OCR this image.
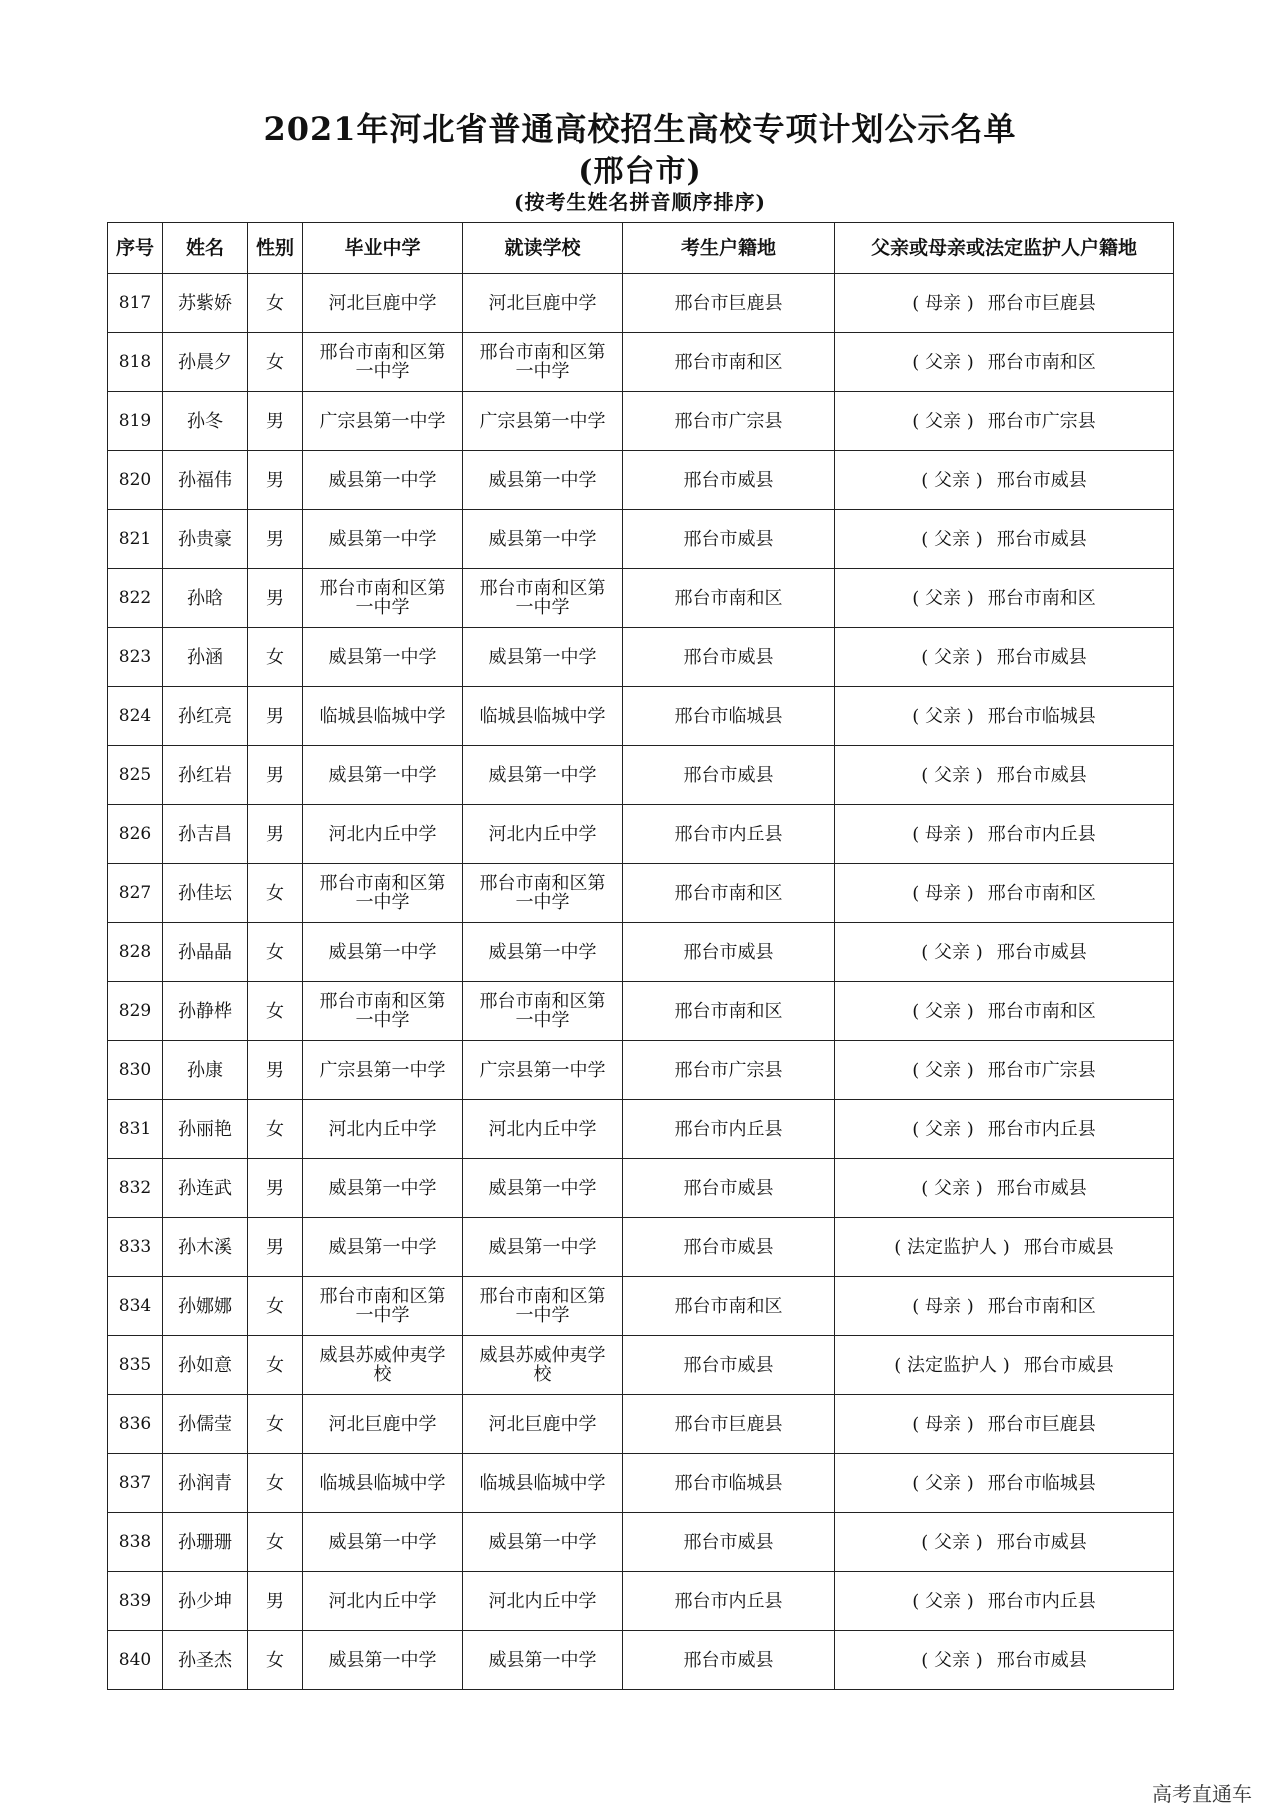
2021年河北省普通高校招生高校专项计划公示名单
(邢台市)
(按考生姓名拼音顺序排序)
序号	姓名	性别	毕业中学	就读学校	考生户籍地	父亲或母亲或法定监护人户籍地
817	苏紫娇	女	河北巨鹿中学	河北巨鹿中学	邢台市巨鹿县	( 母亲 ) 邢台市巨鹿县
818	孙晨夕	女	邢台市南和区第一中学	邢台市南和区第一中学	邢台市南和区	( 父亲 ) 邢台市南和区
819	孙冬	男	广宗县第一中学	广宗县第一中学	邢台市广宗县	( 父亲 ) 邢台市广宗县
820	孙福伟	男	威县第一中学	威县第一中学	邢台市威县	( 父亲 ) 邢台市威县
821	孙贵豪	男	威县第一中学	威县第一中学	邢台市威县	( 父亲 ) 邢台市威县
822	孙晗	男	邢台市南和区第一中学	邢台市南和区第一中学	邢台市南和区	( 父亲 ) 邢台市南和区
823	孙涵	女	威县第一中学	威县第一中学	邢台市威县	( 父亲 ) 邢台市威县
824	孙红亮	男	临城县临城中学	临城县临城中学	邢台市临城县	( 父亲 ) 邢台市临城县
825	孙红岩	男	威县第一中学	威县第一中学	邢台市威县	( 父亲 ) 邢台市威县
826	孙吉昌	男	河北内丘中学	河北内丘中学	邢台市内丘县	( 母亲 ) 邢台市内丘县
827	孙佳坛	女	邢台市南和区第一中学	邢台市南和区第一中学	邢台市南和区	( 母亲 ) 邢台市南和区
828	孙晶晶	女	威县第一中学	威县第一中学	邢台市威县	( 父亲 ) 邢台市威县
829	孙静桦	女	邢台市南和区第一中学	邢台市南和区第一中学	邢台市南和区	( 父亲 ) 邢台市南和区
830	孙康	男	广宗县第一中学	广宗县第一中学	邢台市广宗县	( 父亲 ) 邢台市广宗县
831	孙丽艳	女	河北内丘中学	河北内丘中学	邢台市内丘县	( 父亲 ) 邢台市内丘县
832	孙连武	男	威县第一中学	威县第一中学	邢台市威县	( 父亲 ) 邢台市威县
833	孙木溪	男	威县第一中学	威县第一中学	邢台市威县	( 法定监护人 ) 邢台市威县
834	孙娜娜	女	邢台市南和区第一中学	邢台市南和区第一中学	邢台市南和区	( 母亲 ) 邢台市南和区
835	孙如意	女	威县苏威仲夷学校	威县苏威仲夷学校	邢台市威县	( 法定监护人 ) 邢台市威县
836	孙儒莹	女	河北巨鹿中学	河北巨鹿中学	邢台市巨鹿县	( 母亲 ) 邢台市巨鹿县
837	孙润青	女	临城县临城中学	临城县临城中学	邢台市临城县	( 父亲 ) 邢台市临城县
838	孙珊珊	女	威县第一中学	威县第一中学	邢台市威县	( 父亲 ) 邢台市威县
839	孙少坤	男	河北内丘中学	河北内丘中学	邢台市内丘县	( 父亲 ) 邢台市内丘县
840	孙圣杰	女	威县第一中学	威县第一中学	邢台市威县	( 父亲 ) 邢台市威县
高考直通车
